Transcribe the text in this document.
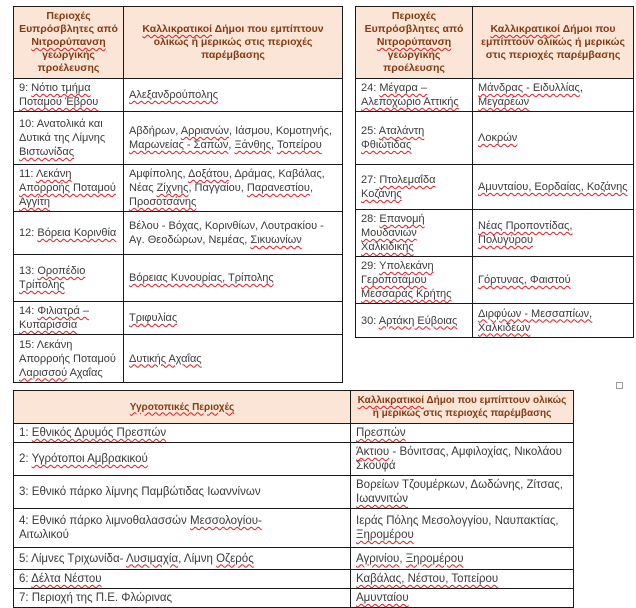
Περιοχές Ευπρόσβλητες από Νιτρορύπανση γεωργικής προέλευσης	Καλλικρατικοί Δήμοι που εμπίπτουν ολικώς ή μερικώς στις περιοχές παρέμβασης
9: Νότιο τμήμα Ποταμού Έβρου	Αλεξανδρούπολης
10: Ανατολικά και Δυτικά της Λίμνης Βιστωνίδας	Αβδήρων, Αρριανών, Ιάσμου, Κομοτηνής, Μαρωνείας - Σαπών, Ξάνθης, Τοπείρου
11: Λεκάνη Απορροής Ποταμού Αγγίτη	Αμφίπολης, Δοξάτου, Δράμας, Καβάλας, Νέας Ζίχνης, Παγγαίου, Παρανεστίου, Προσοτσάνης
12: Βόρεια Κορινθία	Βέλου - Βόχας, Κορινθίων, Λουτρακίου - Αγ. Θεοδώρων, Νεμέας, Σικυωνίων
13: Οροπέδιο Τρίπολης	Βόρειας Κυνουρίας, Τρίπολης
14: Φιλιατρά – Κυπαρισσία	Τριφυλίας
15: Λεκάνη Απορροής Ποταμού Λαρισσού Αχαΐας	Δυτικής Αχαΐας
Περιοχές Ευπρόσβλητες από Νιτρορύπανση γεωργικής προέλευσης	Καλλικρατικοί Δήμοι που εμπίπτουν ολικώς ή μερικώς στις περιοχές παρέμβασης
24: Μέγαρα – Αλεποχώριο Αττικής	Μάνδρας - Ειδυλλίας, Μεγαρέων
25: Αταλάντη Φθιώτιδας	Λοκρών
27: Πτολεμαΐδα Κοζάνης	Αμυνταίου, Εορδαίας, Κοζάνης
28: Επανομή Μουδανιών Χαλκιδικής	Νέας Προποντίδας, Πολυγύρου
29: Υπολεκάνη Γεροποτάμου Μεσσαράς Κρήτης	Γόρτυνας, Φαιστού
30: Αρτάκη Εύβοιας	Διρφύων - Μεσσαπίων, Χαλκιδέων
Υγροτοπικές Περιοχές	Καλλικρατικοί Δήμοι που εμπίπτουν ολικώς ή μερικώς στις περιοχές παρέμβασης
1: Εθνικός Δρυμός Πρεσπών	Πρεσπών
2: Υγρότοποι Αμβρακικού	Άκτιου - Βόνιτσας, Αμφιλοχίας, Νικολάου Σκουφά
3: Εθνικό πάρκο λίμνης Παμβώτιδας Ιωαννίνων	Βορείων Τζουμέρκων, Δωδώνης, Ζίτσας, Ιωαννιτών
4: Εθνικό πάρκο λιμνοθαλασσών Μεσσολογίου-
Αιτωλικού	Ιεράς Πόλης Μεσολογγίου, Ναυπακτίας, Ξηρομέρου
5: Λίμνες Τριχωνίδα- Λυσιμαχία, Λίμνη Οζερός	Αγρινίου, Ξηρομέρου
6: Δέλτα Νέστου	Καβάλας, Νέστου, Τοπείρου
7: Περιοχή της Π.Ε. Φλώρινας	Αμυνταίου
